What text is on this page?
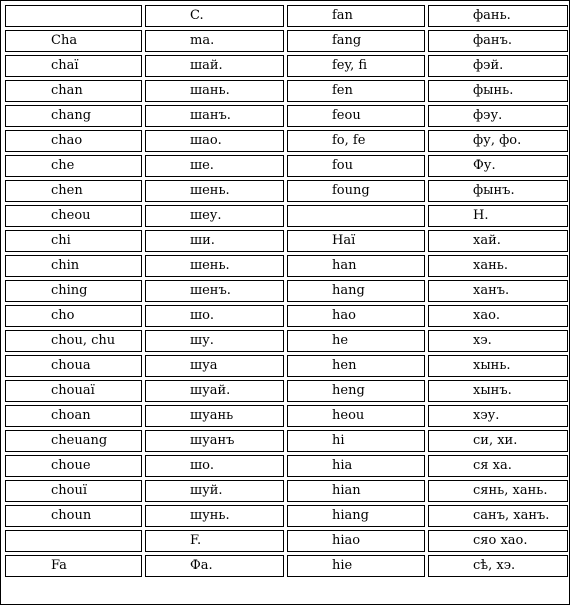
	C.	fan	фань.
Cha	ma.	fang	фанъ.
chaï	шай.	fey, fi	фэй.
chan	шань.	fen	фынь.
chang	шанъ.	feou	фэу.
chao	шао.	fo, fe	фу, фо.
che	ше.	fou	Фу.
chen	шень.	foung	фынъ.
cheou	шеу.		Н.
chi	ши.	Haï	хай.
chin	шень.	han	хань.
ching	шенъ.	hang	ханъ.
cho	шо.	hao	хао.
chou, chu	шу.	he	хэ.
choua	шуа	hen	хынь.
chouaï	шуай.	heng	хынъ.
choan	шуань	heou	хэу.
cheuang	шуанъ	hi	си, хи.
choue	шо.	hia	ся ха.
chouï	шуй.	hian	сянь, хань.
choun	шунь.	hiang	санъ, ханъ.
	F.	hiao	сяо хао.
Fa	Фа.	hie	сѣ, хэ.
